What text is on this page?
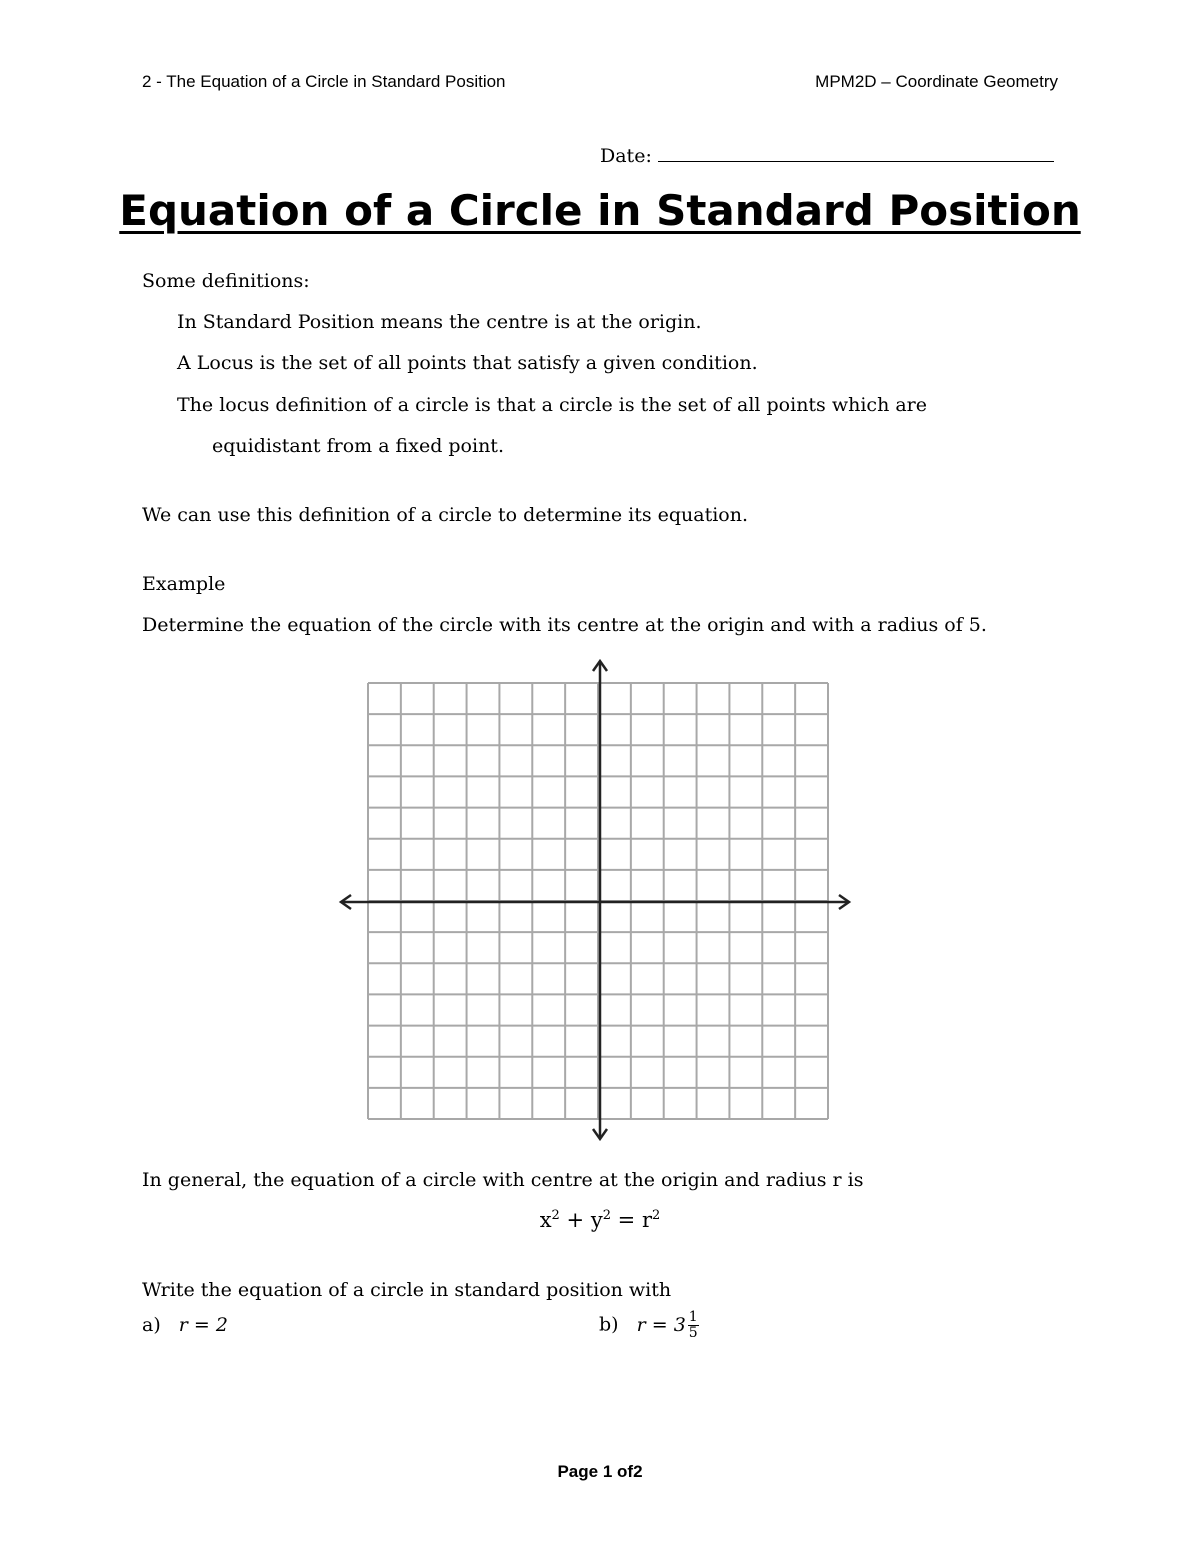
2 - The Equation of a Circle in Standard Position	MPM2D – Coordinate Geometry
Date:
Equation of a Circle in Standard Position
Some definitions:
In Standard Position means the centre is at the origin.
A Locus is the set of all points that satisfy a given condition.
The locus definition of a circle is that a circle is the set of all points which are
equidistant from a fixed point.
We can use this definition of a circle to determine its equation.
Example
Determine the equation of the circle with its centre at the origin and with a radius of 5.
In general, the equation of a circle with centre at the origin and radius r is
$x^2 + y^2 = r^2$
Write the equation of a circle in standard position with
a) r = 2	b) $r = 3 \frac{1}{5}$
Page 1 of2
